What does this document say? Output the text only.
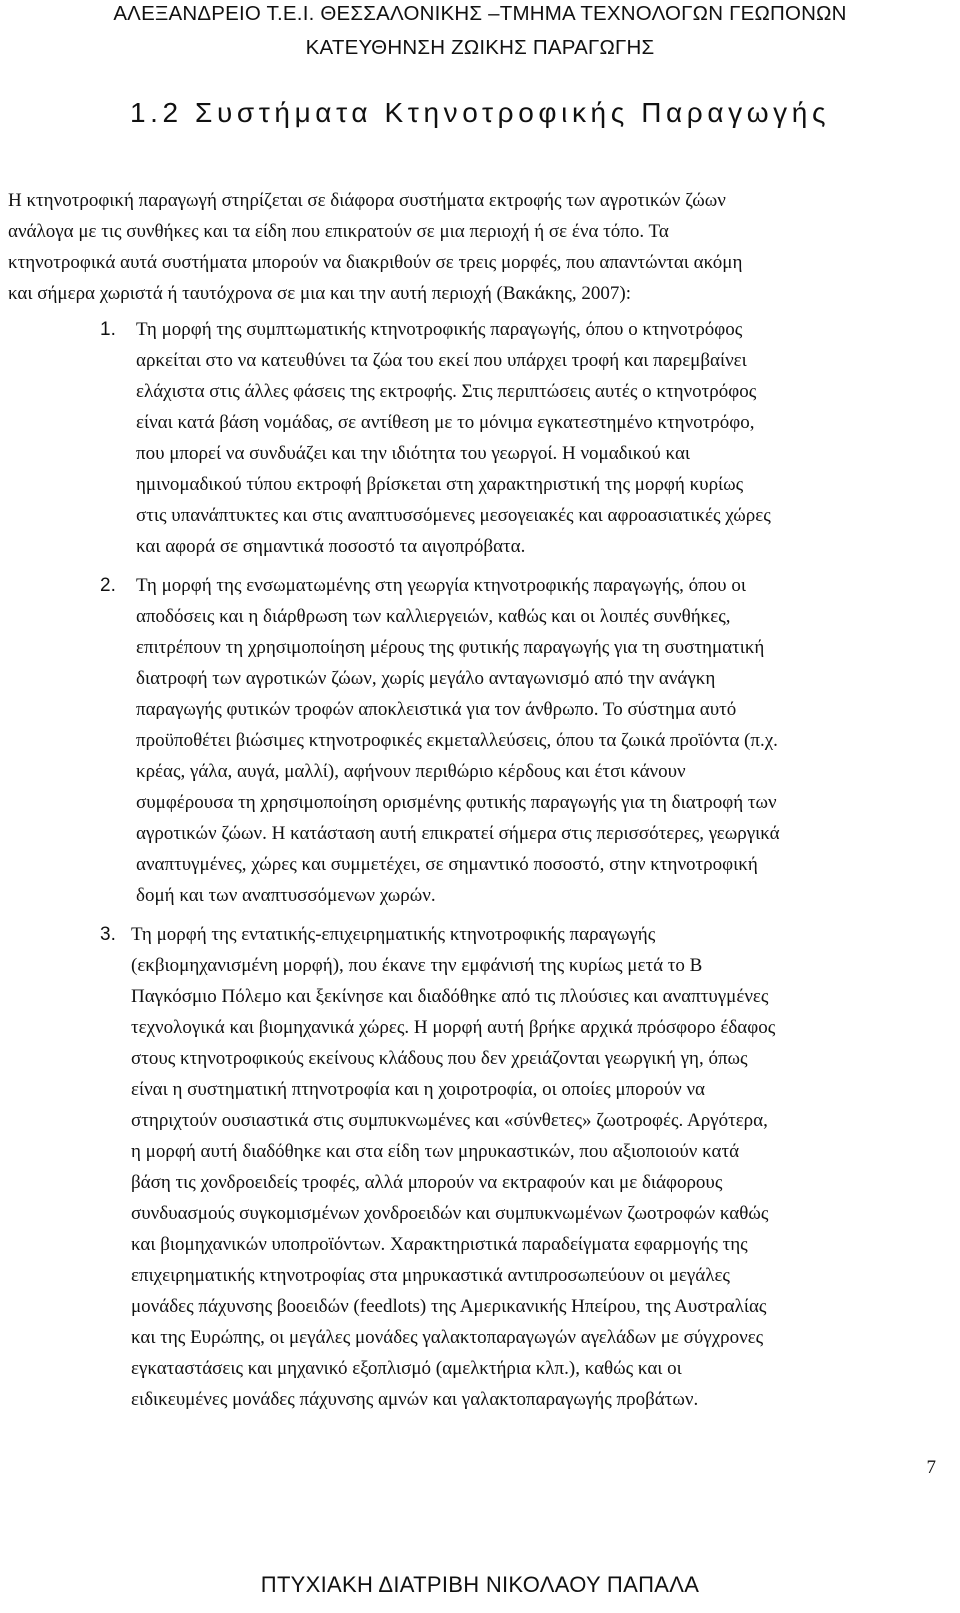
ΑΛΕΞΑΝΔΡΕΙΟ Τ.Ε.Ι. ΘΕΣΣΑΛΟΝΙΚΗΣ –ΤΜΗΜΑ ΤΕΧΝΟΛΟΓΩΝ ΓΕΩΠΟΝΩΝ
ΚΑΤΕΥΘΗΝΣΗ ΖΩΙΚΗΣ ΠΑΡΑΓΩΓΗΣ
1.2 Συστήματα Κτηνοτροφικής Παραγωγής
Η κτηνοτροφική παραγωγή στηρίζεται σε διάφορα συστήματα εκτροφής των αγροτικών ζώων
ανάλογα με τις συνθήκες και τα είδη που επικρατούν σε μια περιοχή ή σε ένα τόπο. Τα
κτηνοτροφικά αυτά συστήματα μπορούν να διακριθούν σε τρεις μορφές, που απαντώνται ακόμη
και σήμερα χωριστά ή ταυτόχρονα σε μια και την αυτή περιοχή (Βακάκης, 2007):
1. Τη μορφή της συμπτωματικής κτηνοτροφικής παραγωγής, όπου ο κτηνοτρόφος
αρκείται στο να κατευθύνει τα ζώα του εκεί που υπάρχει τροφή και παρεμβαίνει
ελάχιστα στις άλλες φάσεις της εκτροφής. Στις περιπτώσεις αυτές ο κτηνοτρόφος
είναι κατά βάση νομάδας, σε αντίθεση με το μόνιμα εγκατεστημένο κτηνοτρόφο,
που μπορεί να συνδυάζει και την ιδιότητα του γεωργοί. Η νομαδικού και
ημινομαδικού τύπου εκτροφή βρίσκεται στη χαρακτηριστική της μορφή κυρίως
στις υπανάπτυκτες και στις αναπτυσσόμενες μεσογειακές και αφροασιατικές χώρες
και αφορά σε σημαντικά ποσοστό τα αιγοπρόβατα.
2. Τη μορφή της ενσωματωμένης στη γεωργία κτηνοτροφικής παραγωγής, όπου οι
αποδόσεις και η διάρθρωση των καλλιεργειών, καθώς και οι λοιπές συνθήκες,
επιτρέπουν τη χρησιμοποίηση μέρους της φυτικής παραγωγής για τη συστηματική
διατροφή των αγροτικών ζώων, χωρίς μεγάλο ανταγωνισμό από την ανάγκη
παραγωγής φυτικών τροφών αποκλειστικά για τον άνθρωπο. Το σύστημα αυτό
προϋποθέτει βιώσιμες κτηνοτροφικές εκμεταλλεύσεις, όπου τα ζωικά προϊόντα (π.χ.
κρέας, γάλα, αυγά, μαλλί), αφήνουν περιθώριο κέρδους και έτσι κάνουν
συμφέρουσα τη χρησιμοποίηση ορισμένης φυτικής παραγωγής για τη διατροφή των
αγροτικών ζώων. Η κατάσταση αυτή επικρατεί σήμερα στις περισσότερες, γεωργικά
αναπτυγμένες, χώρες και συμμετέχει, σε σημαντικό ποσοστό, στην κτηνοτροφική
δομή και των αναπτυσσόμενων χωρών.
3. Τη μορφή της εντατικής-επιχειρηματικής κτηνοτροφικής παραγωγής
(εκβιομηχανισμένη μορφή), που έκανε την εμφάνισή της κυρίως μετά το Β
Παγκόσμιο Πόλεμο και ξεκίνησε και διαδόθηκε από τις πλούσιες και αναπτυγμένες
τεχνολογικά και βιομηχανικά χώρες. Η μορφή αυτή βρήκε αρχικά πρόσφορο έδαφος
στους κτηνοτροφικούς εκείνους κλάδους που δεν χρειάζονται γεωργική γη, όπως
είναι η συστηματική πτηνοτροφία και η χοιροτροφία, οι οποίες μπορούν να
στηριχτούν ουσιαστικά στις συμπυκνωμένες και «σύνθετες» ζωοτροφές. Αργότερα,
η μορφή αυτή διαδόθηκε και στα είδη των μηρυκαστικών, που αξιοποιούν κατά
βάση τις χονδροειδείς τροφές, αλλά μπορούν να εκτραφούν και με διάφορους
συνδυασμούς συγκομισμένων χονδροειδών και συμπυκνωμένων ζωοτροφών καθώς
και βιομηχανικών υποπροϊόντων. Χαρακτηριστικά παραδείγματα εφαρμογής της
επιχειρηματικής κτηνοτροφίας στα μηρυκαστικά αντιπροσωπεύουν οι μεγάλες
μονάδες πάχυνσης βοοειδών (feedlots) της Αμερικανικής Ηπείρου, της Αυστραλίας
και της Ευρώπης, οι μεγάλες μονάδες γαλακτοπαραγωγών αγελάδων με σύγχρονες
εγκαταστάσεις και μηχανικό εξοπλισμό (αμελκτήρια κλπ.), καθώς και οι
ειδικευμένες μονάδες πάχυνσης αμνών και γαλακτοπαραγωγής προβάτων.
7
ΠΤΥΧΙΑΚΗ ΔΙΑΤΡΙΒΗ ΝΙΚΟΛΑΟΥ ΠΑΠΑΛΑ
